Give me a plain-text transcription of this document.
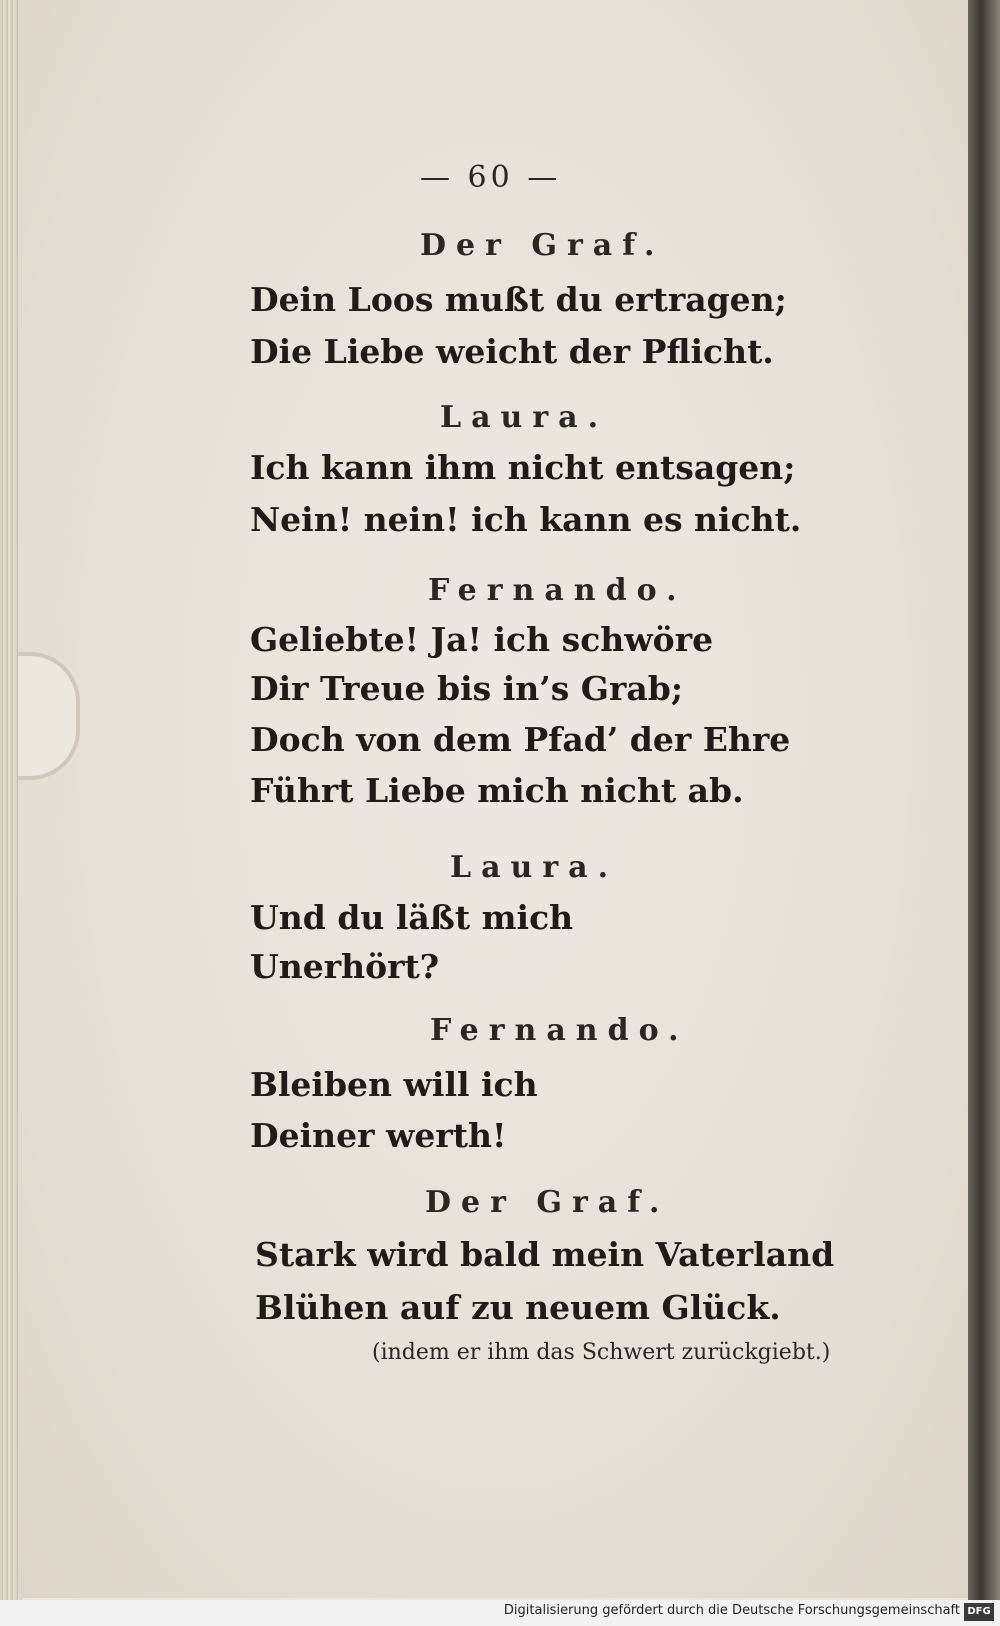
— 60 —
Der Graf.
Dein Loos mußt du ertragen;
Die Liebe weicht der Pflicht.
Laura.
Ich kann ihm nicht entsagen;
Nein! nein! ich kann es nicht.
Fernando.
Geliebte! Ja! ich schwöre
Dir Treue bis in’s Grab;
Doch von dem Pfad’ der Ehre
Führt Liebe mich nicht ab.
Laura.
Und du läßt mich
Unerhört?
Fernando.
Bleiben will ich
Deiner werth!
Der Graf.
Stark wird bald mein Vaterland
Blühen auf zu neuem Glück.
(indem er ihm das Schwert zurückgiebt.)
Digitalisierung gefördert durch die Deutsche Forschungsgemeinschaft DFG
